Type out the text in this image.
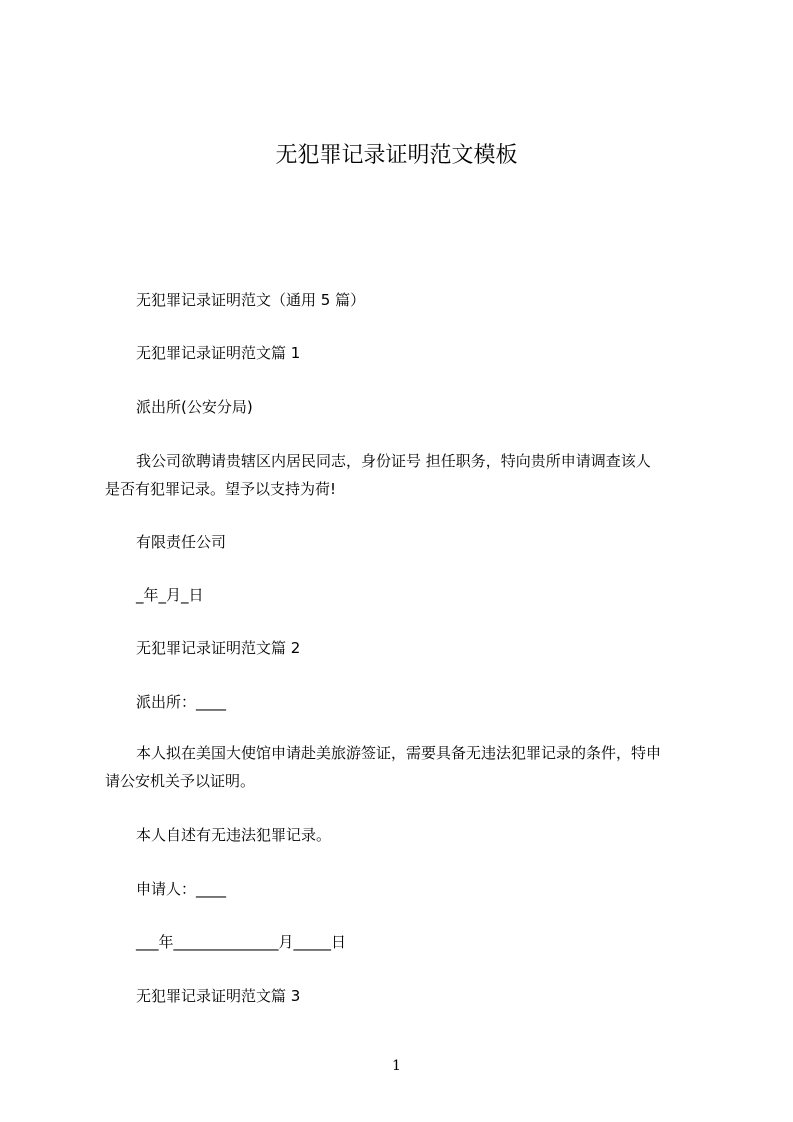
无犯罪记录证明范文模板
无犯罪记录证明范文（通用 5 篇）
无犯罪记录证明范文篇 1
派出所(公安分局)
我公司欲聘请贵辖区内居民同志，身份证号 担任职务，特向贵所申请调查该人
是否有犯罪记录。望予以支持为荷!
有限责任公司
_年_月_日
无犯罪记录证明范文篇 2
派出所：____
本人拟在美国大使馆申请赴美旅游签证，需要具备无违法犯罪记录的条件，特申
请公安机关予以证明。
本人自述有无违法犯罪记录。
申请人：____
___年______________月_____日
无犯罪记录证明范文篇 3
1
